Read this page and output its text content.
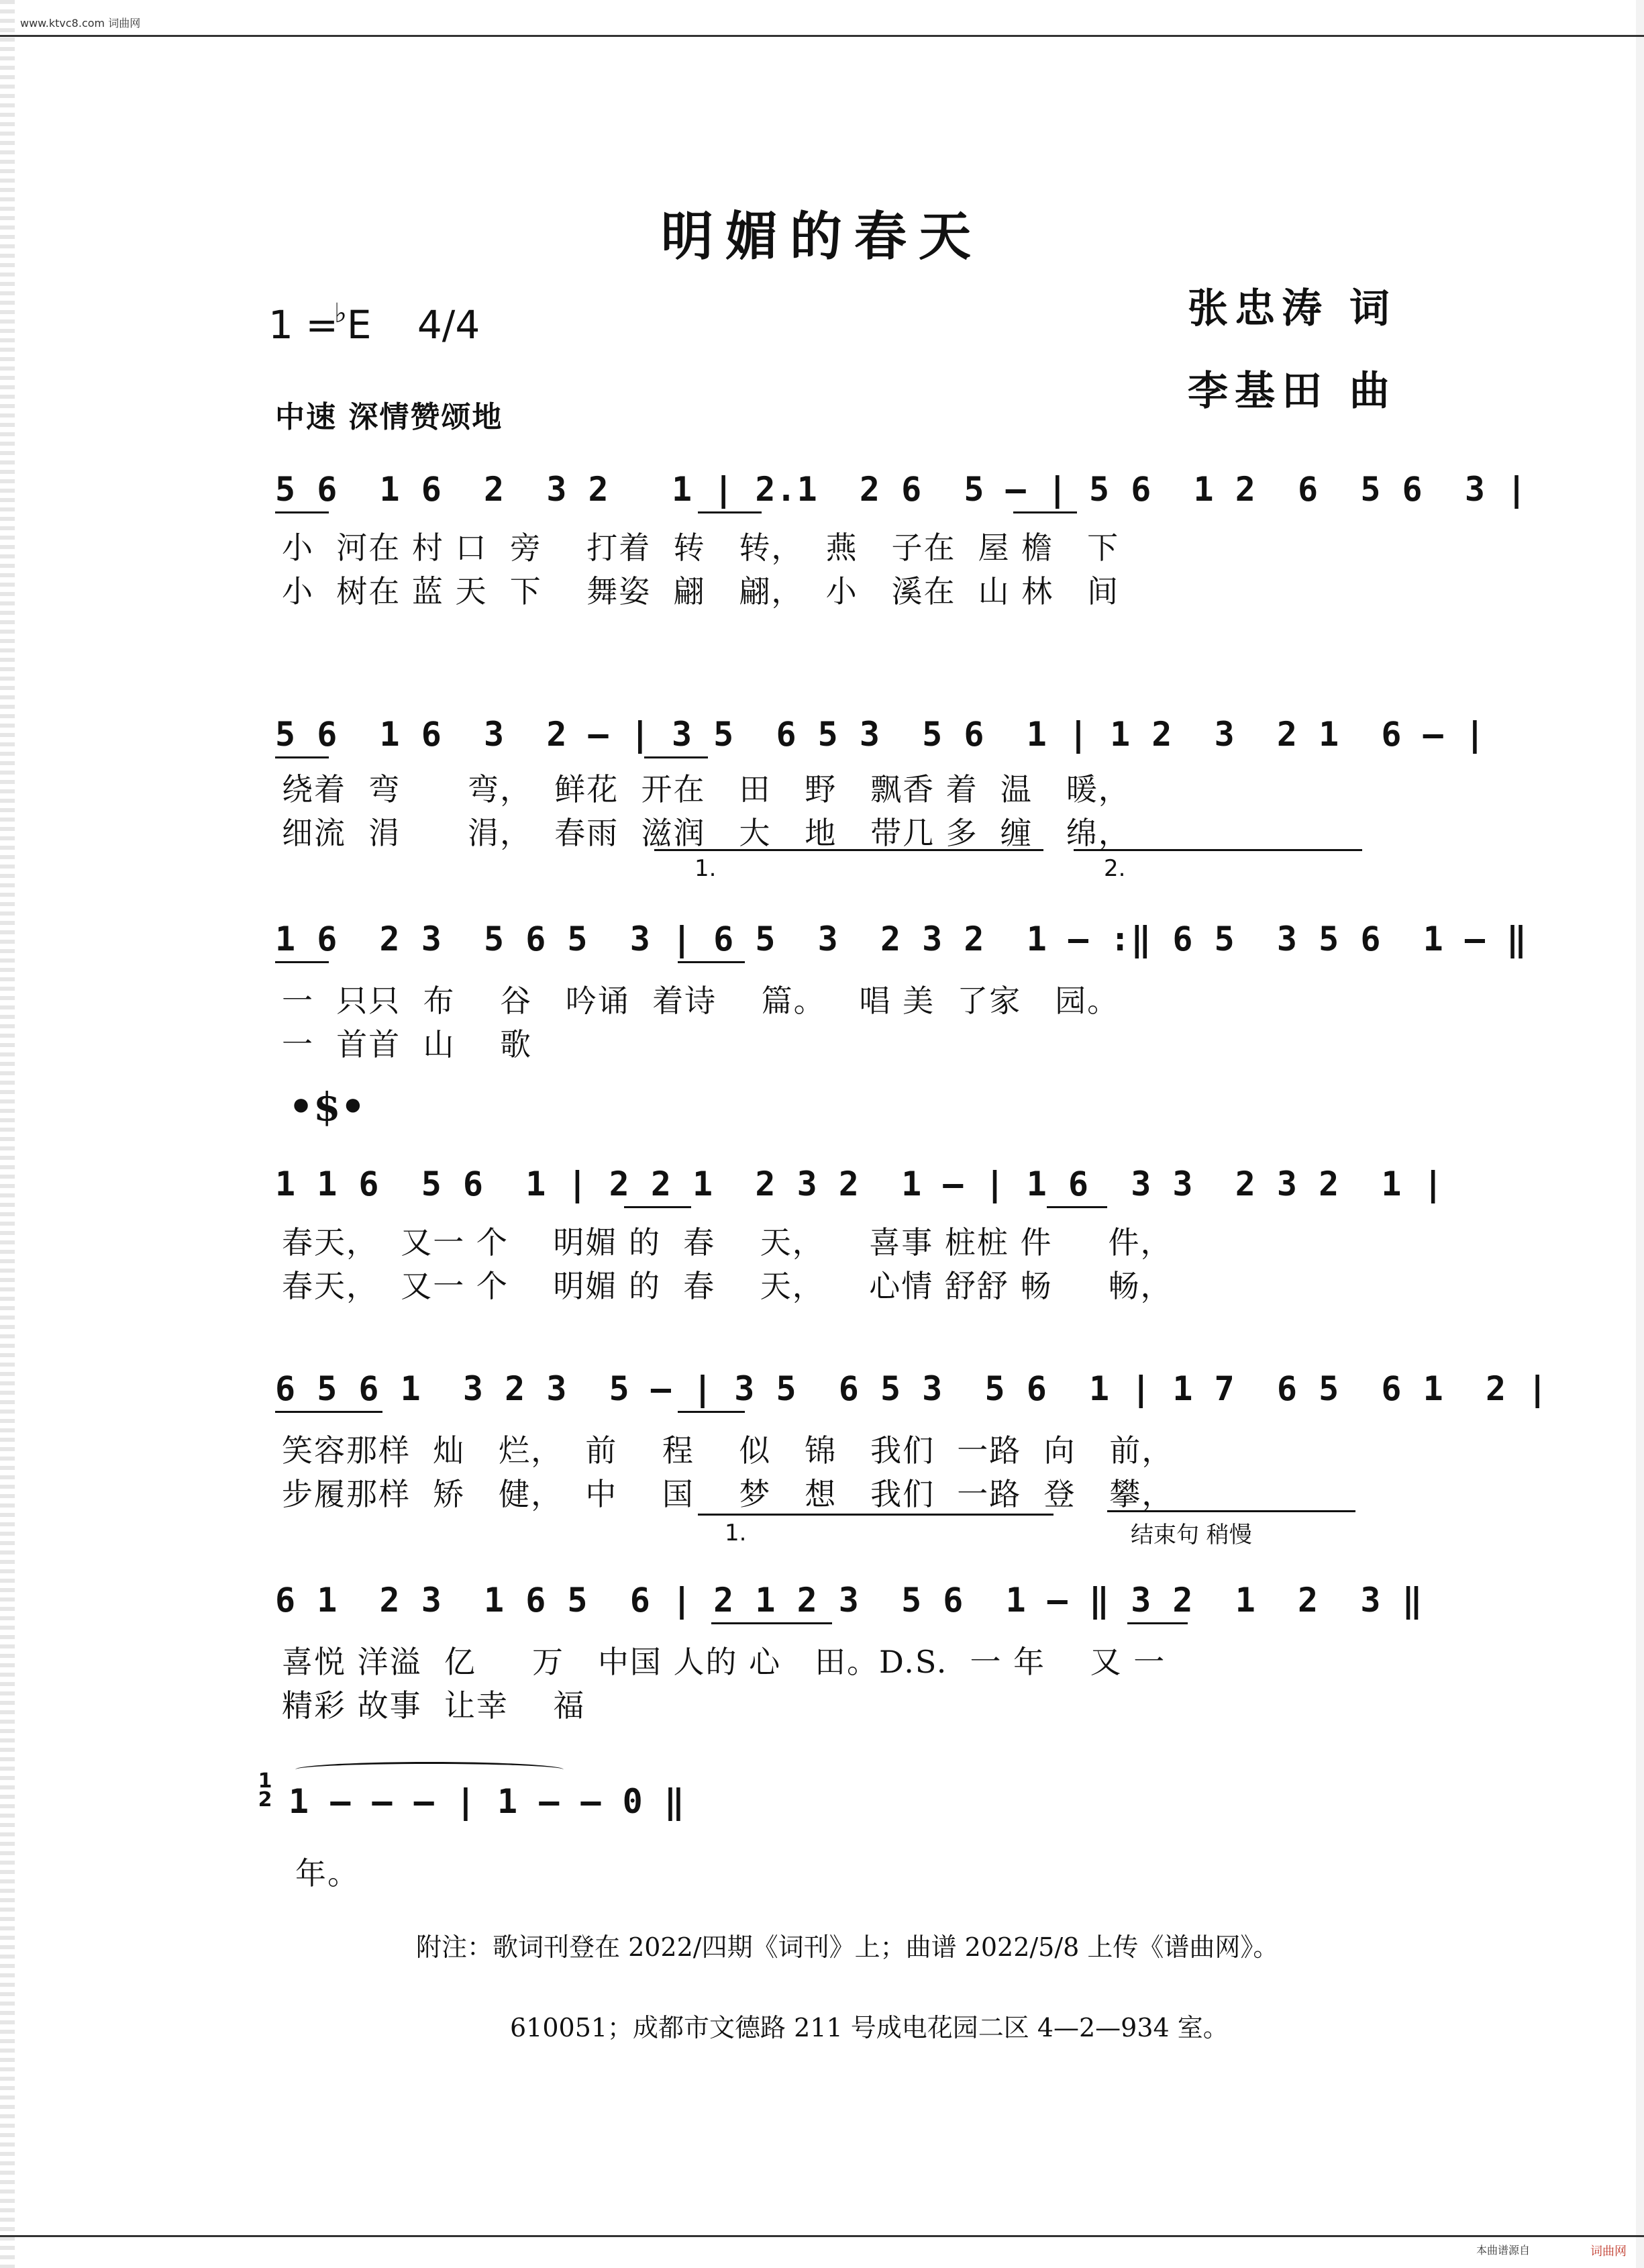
www.ktvc8.com 词曲网
本曲谱源自	词曲网
明媚的春天
1 =♭E 4/4	张忠涛 词
李基田 曲
中速 深情赞颂地
5 6  1 6  2  3 2   1 | 2.1  2 6  5 — | 5 6  1 2  6  5 6  3 |
小  河在 村 口  旁    打着  转   转，  燕   子在  屋 檐   下
小  树在 蓝 天  下    舞姿  翩   翩，  小   溪在  山 林   间
5 6  1 6  3  2 — | 3 5  6 5 3  5 6  1 | 1 2  3  2 1  6 — |
绕着  弯      弯，  鲜花  开在   田   野   飘香 着  温   暖，
细流  涓      涓，  春雨  滋润   大   地   带几 多  缠   绵，
1.	2.
1 6  2 3  5 6 5  3 | 6 5  3  2 3 2  1 — :‖ 6 5  3 5 6  1 — ‖
一  只只  布    谷   吟诵  着诗    篇。   唱 美  了家   园。
一  首首  山    歌
•$•
1 1 6  5 6  1 | 2 2 1  2 3 2  1 — | 1 6  3 3  2 3 2  1 |
春天，  又一 个    明媚 的  春    天，    喜事 桩桩 件     件，
春天，  又一 个    明媚 的  春    天，    心情 舒舒 畅     畅，
6 5 6 1  3 2 3  5 — | 3 5  6 5 3  5 6  1 | 1 7  6 5  6 1  2 |
笑容那样  灿   烂，  前    程    似   锦   我们  一路  向   前，
步履那样  矫   健，  中    国    梦   想   我们  一路  登   攀，
1.	结束句 稍慢
6 1  2 3  1 6 5  6 | 2 1 2 3  5 6  1 — ‖ 3 2  1  2  3 ‖
喜悦 洋溢  亿     万   中国 人的 心   田。D.S.  一 年    又 一
精彩 故事  让幸    福
1 2 1 — — — | 1 — — 0 ‖
年。
附注：歌词刊登在 2022/四期《词刊》上；曲谱 2022/5/8 上传《谱曲网》。
610051；成都市文德路 211 号成电花园二区 4—2—934 室。
